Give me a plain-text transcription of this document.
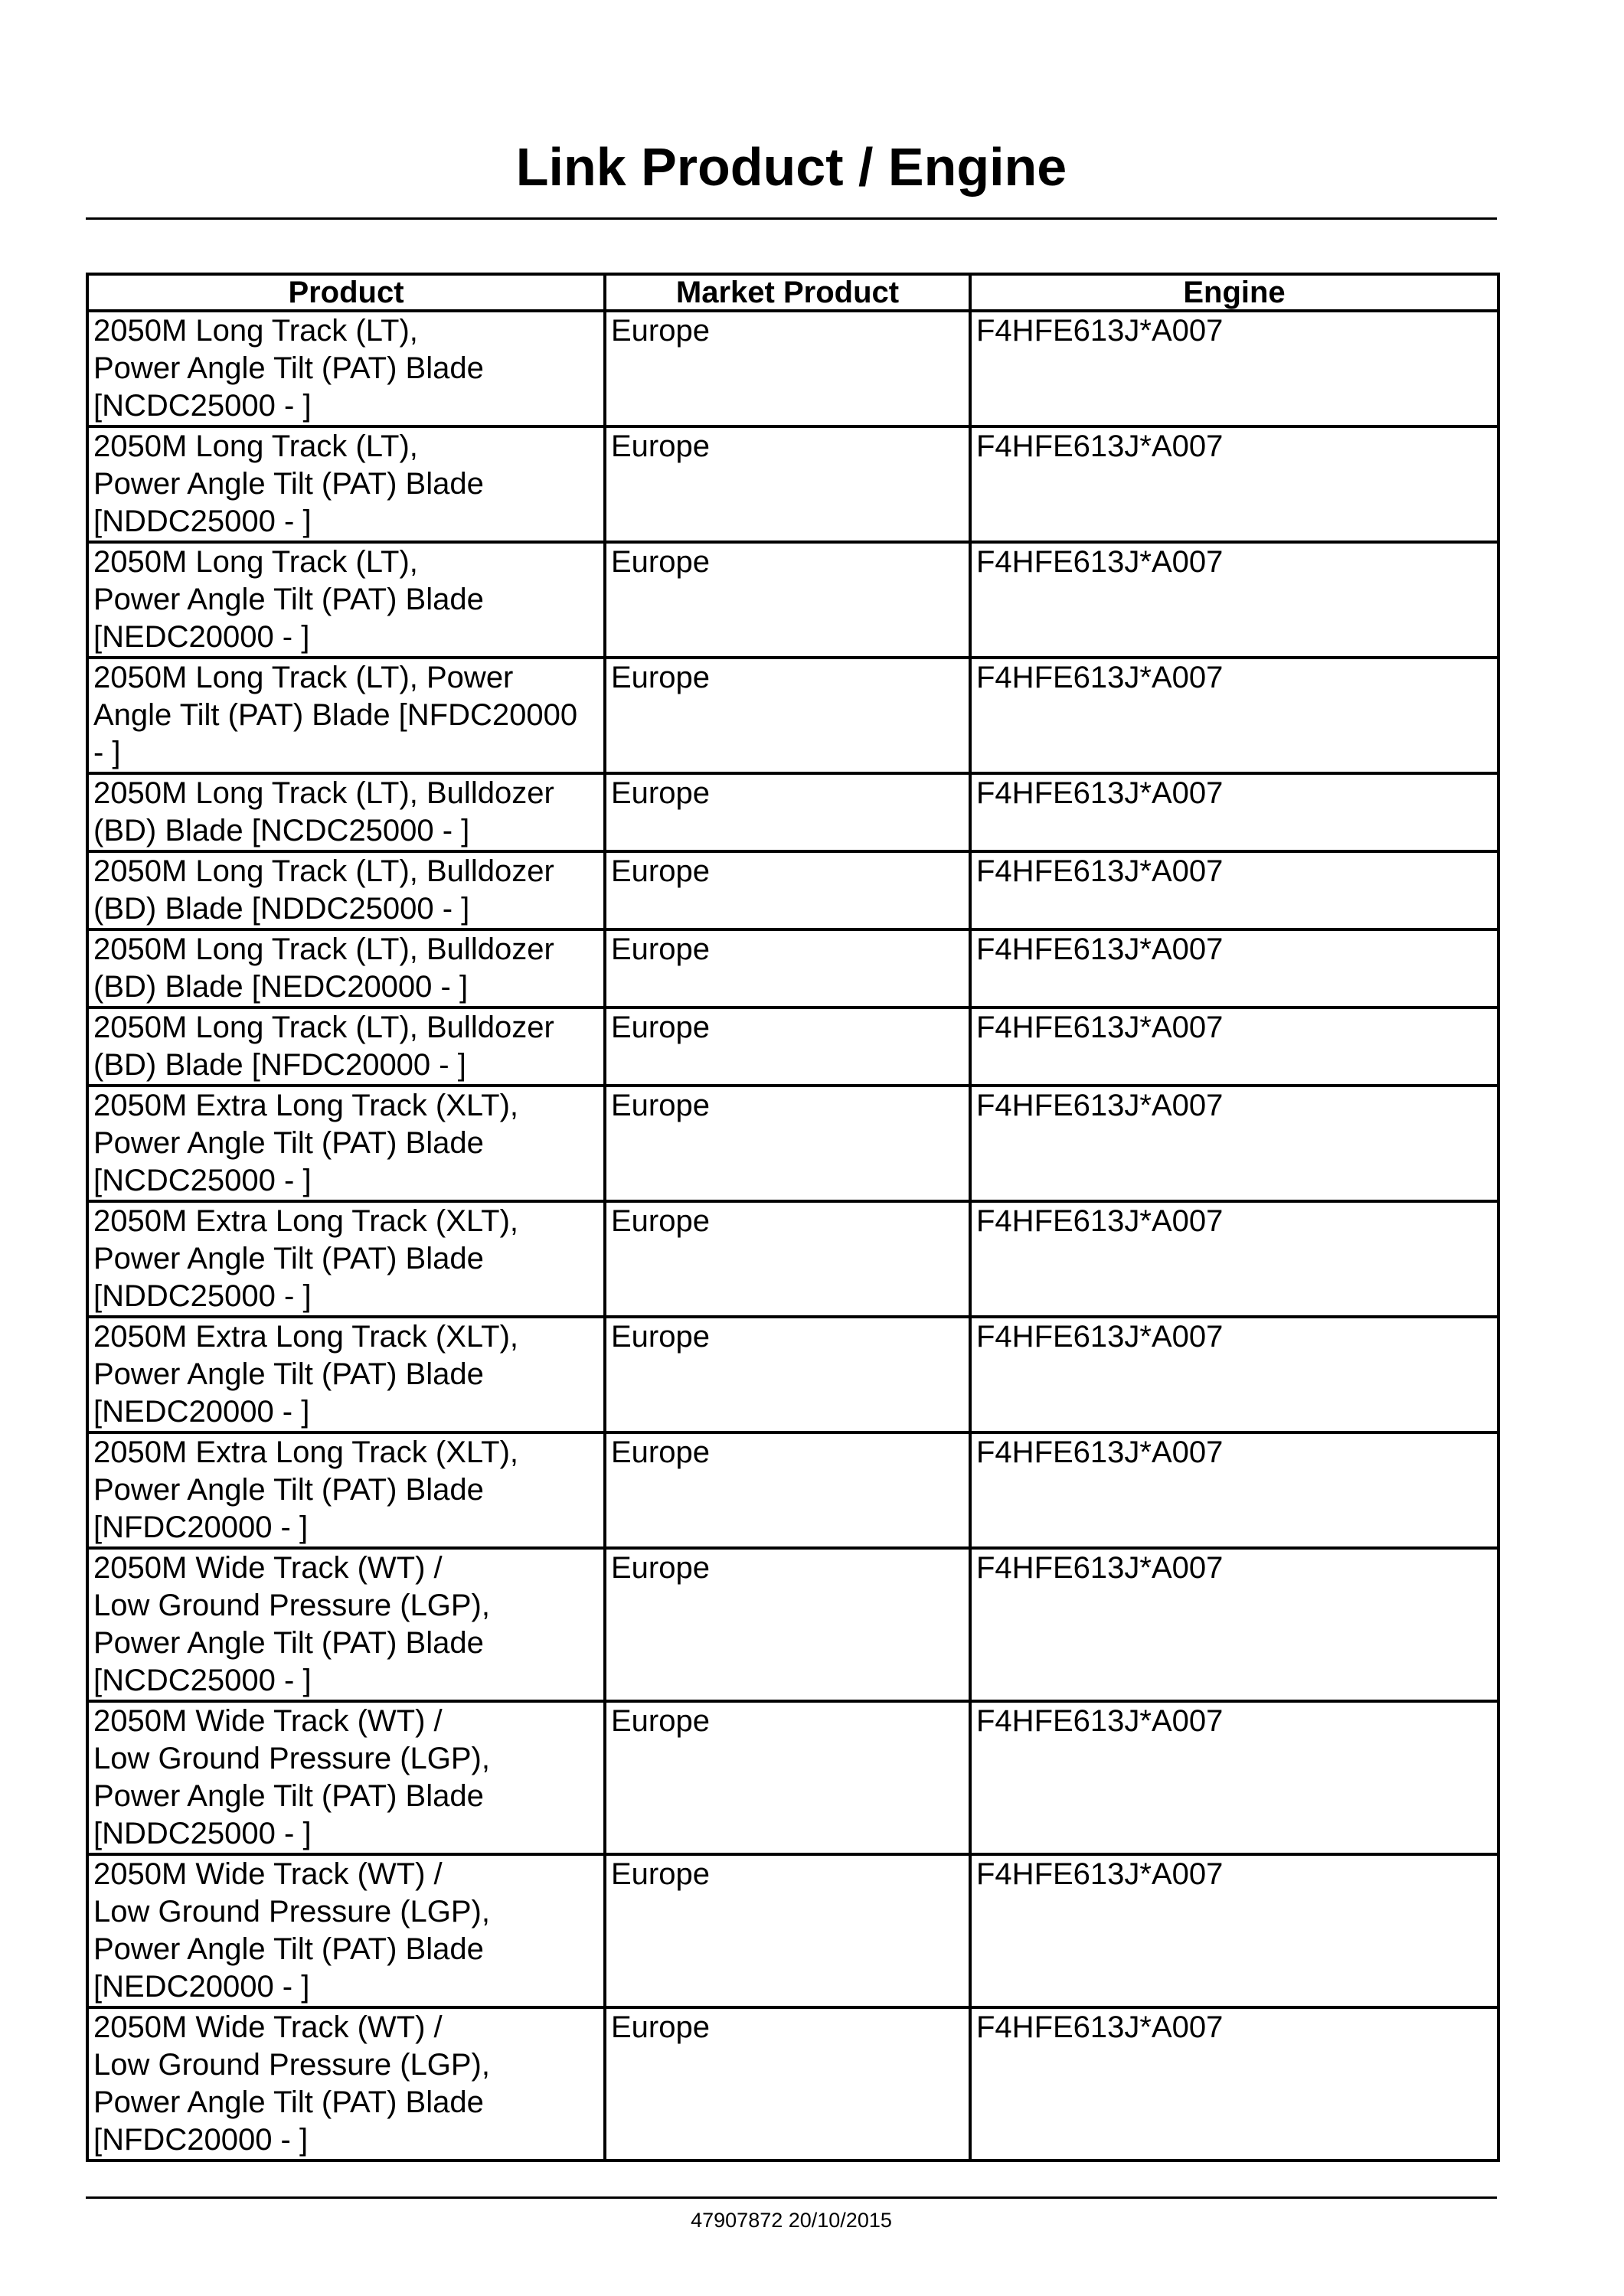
Link Product / Engine
Product	Market Product	Engine
2050M Long Track (LT),
Power Angle Tilt (PAT) Blade
[NCDC25000 - ]	Europe	F4HFE613J*A007
2050M Long Track (LT),
Power Angle Tilt (PAT) Blade
[NDDC25000 - ]	Europe	F4HFE613J*A007
2050M Long Track (LT),
Power Angle Tilt (PAT) Blade
[NEDC20000 - ]	Europe	F4HFE613J*A007
2050M Long Track (LT), Power
Angle Tilt (PAT) Blade [NFDC20000
- ]	Europe	F4HFE613J*A007
2050M Long Track (LT), Bulldozer
(BD) Blade [NCDC25000 - ]	Europe	F4HFE613J*A007
2050M Long Track (LT), Bulldozer
(BD) Blade [NDDC25000 - ]	Europe	F4HFE613J*A007
2050M Long Track (LT), Bulldozer
(BD) Blade [NEDC20000 - ]	Europe	F4HFE613J*A007
2050M Long Track (LT), Bulldozer
(BD) Blade [NFDC20000 - ]	Europe	F4HFE613J*A007
2050M Extra Long Track (XLT),
Power Angle Tilt (PAT) Blade
[NCDC25000 - ]	Europe	F4HFE613J*A007
2050M Extra Long Track (XLT),
Power Angle Tilt (PAT) Blade
[NDDC25000 - ]	Europe	F4HFE613J*A007
2050M Extra Long Track (XLT),
Power Angle Tilt (PAT) Blade
[NEDC20000 - ]	Europe	F4HFE613J*A007
2050M Extra Long Track (XLT),
Power Angle Tilt (PAT) Blade
[NFDC20000 - ]	Europe	F4HFE613J*A007
2050M Wide Track (WT) /
Low Ground Pressure (LGP),
Power Angle Tilt (PAT) Blade
[NCDC25000 - ]	Europe	F4HFE613J*A007
2050M Wide Track (WT) /
Low Ground Pressure (LGP),
Power Angle Tilt (PAT) Blade
[NDDC25000 - ]	Europe	F4HFE613J*A007
2050M Wide Track (WT) /
Low Ground Pressure (LGP),
Power Angle Tilt (PAT) Blade
[NEDC20000 - ]	Europe	F4HFE613J*A007
2050M Wide Track (WT) /
Low Ground Pressure (LGP),
Power Angle Tilt (PAT) Blade
[NFDC20000 - ]	Europe	F4HFE613J*A007
47907872 20/10/2015
